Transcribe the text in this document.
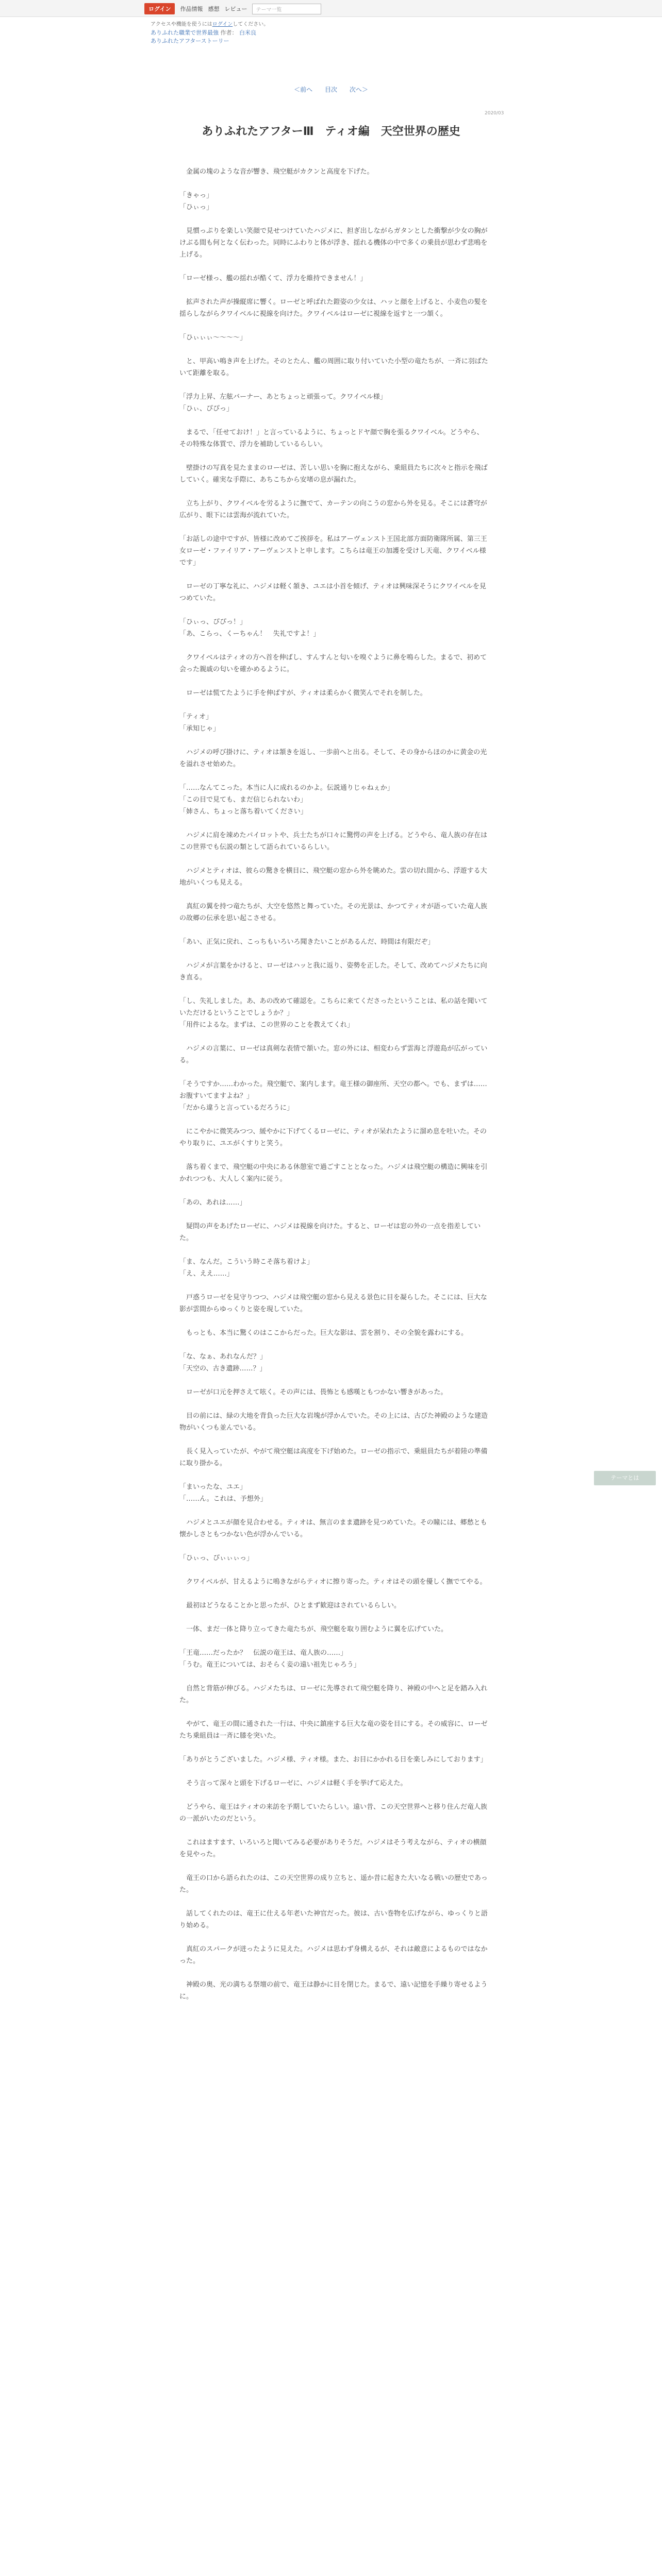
ログイン	作品情報 感想 レビュー	テーマ一覧
アクセスや機能を使うにはログインしてください。
ありふれた職業で世界最強 作者： 白米良
ありふれたアフターストーリー
＜前へ 目次 次へ＞
2020/03
ありふれたアフターⅢ　ティオ編　天空世界の歴史
　金属の塊のような音が響き、飛空艇がカクンと高度を下げた。
「きゃっ」
「ひぃっ」
　見慣っぷりを楽しい笑顔で見せつけていたハジメに、担ぎ出しながらガタンとした衝撃が少女の胸がけぶる間も何となく伝わった。同時にふわりと体が浮き、揺れる機体の中で多くの乗員が思わず悲鳴を上げる。
「ローゼ様っ、艦の揺れが酷くて、浮力を維持できません！」
　拡声された声が操縦席に響く。ローゼと呼ばれた鎧姿の少女は、ハッと顔を上げると、小麦色の髪を揺らしながらクワイベルに視線を向けた。クワイベルはローゼに視線を返すと一つ頷く。
「ひぃぃぃ～～～～」
　と、甲高い鳴き声を上げた。そのとたん、艦の周囲に取り付いていた小型の竜たちが、一斉に羽ばたいて距離を取る。
「浮力上昇、左舷バーナー、あとちょっと頑張って。クワイベル様」
「ひぃ、ぴぴっ」
　まるで、「任せておけ！」と言っているように、ちょっとドヤ顔で胸を張るクワイベル。どうやら、その特殊な体質で、浮力を補助しているらしい。
　壁掛けの写真を見たままのローゼは、苦しい思いを胸に抱えながら、乗組員たちに次々と指示を飛ばしていく。確実な手際に、あちこちから安堵の息が漏れた。
　立ち上がり、クワイベルを労るように撫でて、カーテンの向こうの窓から外を見る。そこには蒼穹が広がり、眼下には雲海が流れていた。
「お話しの途中ですが、皆様に改めてご挨拶を。私はアーヴェンスト王国北部方面防衛隊所属、第三王女ローゼ・ファイリア・アーヴェンストと申します。こちらは竜王の加護を受けし天竜、クワイベル様です」
　ローゼの丁寧な礼に、ハジメは軽く頷き、ユエは小首を傾げ、ティオは興味深そうにクワイベルを見つめていた。
「ひぃっ、ぴぴっ！」
「あ、こらっ、くーちゃん！　失礼ですよ！」
　クワイベルはティオの方へ首を伸ばし、すんすんと匂いを嗅ぐように鼻を鳴らした。まるで、初めて会った親戚の匂いを確かめるように。
　ローゼは慌てたように手を伸ばすが、ティオは柔らかく微笑んでそれを制した。
「ティオ」
「承知じゃ」
　ハジメの呼び掛けに、ティオは頷きを返し、一歩前へと出る。そして、その身からほのかに黄金の光を溢れさせ始めた。
「……なんてこった。本当に人に成れるのかよ。伝説通りじゃねぇか」
「この目で見ても、まだ信じられないわ」
「姉さん、ちょっと落ち着いてください」
　ハジメに肩を竦めたパイロットや、兵士たちが口々に驚愕の声を上げる。どうやら、竜人族の存在はこの世界でも伝説の類として語られているらしい。
　ハジメとティオは、彼らの驚きを横目に、飛空艇の窓から外を眺めた。雲の切れ間から、浮遊する大地がいくつも見える。
　真紅の翼を持つ竜たちが、大空を悠然と舞っていた。その光景は、かつてティオが語っていた竜人族の故郷の伝承を思い起こさせる。
「あい、正気に戻れ、こっちもいろいろ聞きたいことがあるんだ、時間は有限だぞ」
　ハジメが言葉をかけると、ローゼはハッと我に返り、姿勢を正した。そして、改めてハジメたちに向き直る。
「し、失礼しました。あ、あの改めて確認を。こちらに来てくださったということは、私の話を聞いていただけるということでしょうか？」
「用件によるな。まずは、この世界のことを教えてくれ」
　ハジメの言葉に、ローゼは真剣な表情で頷いた。窓の外には、相変わらず雲海と浮遊島が広がっている。
「そうですか……わかった。飛空艇で、案内します。竜王様の御座所、天空の都へ。でも、まずは……お腹すいてますよね？」
「だから違うと言っているだろうに」
　にこやかに微笑みつつ、緩やかに下げてくるローゼに、ティオが呆れたように溜め息を吐いた。そのやり取りに、ユエがくすりと笑う。
　落ち着くまで、飛空艇の中央にある休憩室で過ごすこととなった。ハジメは飛空艇の構造に興味を引かれつつも、大人しく案内に従う。
「あの、あれは……」
　疑問の声をあげたローゼに、ハジメは視線を向けた。すると、ローゼは窓の外の一点を指差していた。
「ま、なんだ。こういう時こそ落ち着けよ」
「え、ええ……」
　戸惑うローゼを見守りつつ、ハジメは飛空艇の窓から見える景色に目を凝らした。そこには、巨大な影が雲間からゆっくりと姿を現していた。
　もっとも、本当に驚くのはここからだった。巨大な影は、雲を割り、その全貌を露わにする。
「な、なぁ、あれなんだ？」
「天空の、古き遺跡……？」
　ローゼが口元を押さえて呟く。その声には、畏怖とも感嘆ともつかない響きがあった。
　目の前には、緑の大地を背負った巨大な岩塊が浮かんでいた。その上には、古びた神殿のような建造物がいくつも並んでいる。
　長く見入っていたが、やがて飛空艇は高度を下げ始めた。ローゼの指示で、乗組員たちが着陸の準備に取り掛かる。
「まいったな、ユエ」
「……ん。これは、予想外」
　ハジメとユエが顔を見合わせる。ティオは、無言のまま遺跡を見つめていた。その瞳には、郷愁とも懐かしさともつかない色が浮かんでいる。
「ひぃっ、ぴぃぃぃっ」
　クワイベルが、甘えるように鳴きながらティオに擦り寄った。ティオはその頭を優しく撫でてやる。
　最初はどうなることかと思ったが、ひとまず歓迎はされているらしい。
　一体、まだ一体と降り立ってきた竜たちが、飛空艇を取り囲むように翼を広げていた。
「王竜……だったか？　伝説の竜王は、竜人族の……」
「うむ。竜王については、おそらく妾の遠い祖先じゃろう」
　自然と背筋が伸びる。ハジメたちは、ローゼに先導されて飛空艇を降り、神殿の中へと足を踏み入れた。
　やがて、竜王の間に通された一行は、中央に鎮座する巨大な竜の姿を目にする。その威容に、ローゼたち乗組員は一斉に膝を突いた。
「ありがとうございました。ハジメ様、ティオ様。また、お目にかかれる日を楽しみにしております」
　そう言って深々と頭を下げるローゼに、ハジメは軽く手を挙げて応えた。
　どうやら、竜王はティオの来訪を予期していたらしい。遠い昔、この天空世界へと移り住んだ竜人族の一派がいたのだという。
　これはますます、いろいろと聞いてみる必要がありそうだ。ハジメはそう考えながら、ティオの横顔を見やった。
　竜王の口から語られたのは、この天空世界の成り立ちと、遥か昔に起きた大いなる戦いの歴史であった。
　話してくれたのは、竜王に仕える年老いた神官だった。彼は、古い巻物を広げながら、ゆっくりと語り始める。
　真紅のスパークが迸ったように見えた。ハジメは思わず身構えるが、それは敵意によるものではなかった。
　神殿の奥、光の満ちる祭壇の前で、竜王は静かに目を閉じた。まるで、遠い記憶を手繰り寄せるように。
テーマとは
